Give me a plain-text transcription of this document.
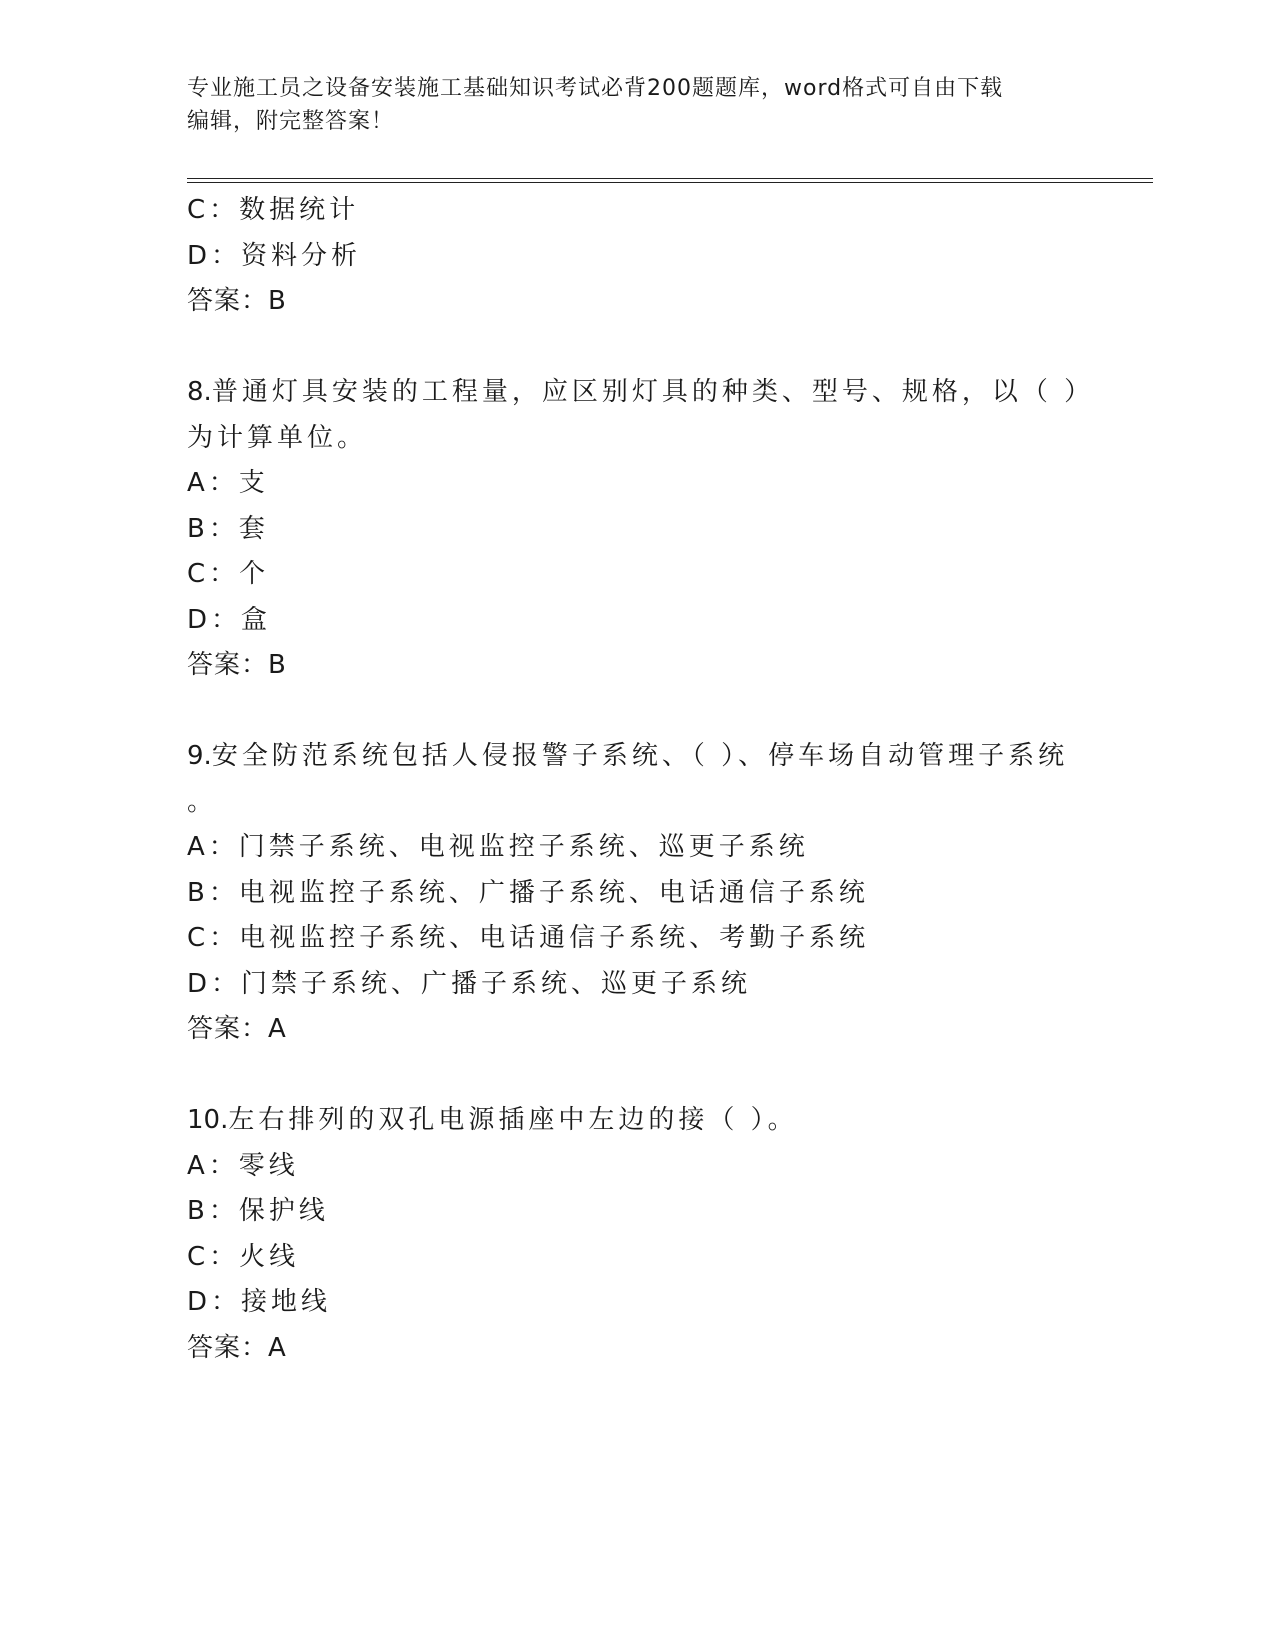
专业施工员之设备安装施工基础知识考试必背200题题库，word格式可自由下载
编辑，附完整答案！
C：数据统计
D：资料分析
答案：B
8.普通灯具安装的工程量，应区别灯具的种类、型号、规格，以（ ）
为计算单位。
A：支
B：套
C：个
D：盒
答案：B
9.安全防范系统包括人侵报警子系统、（ ）、停车场自动管理子系统
。
A：门禁子系统、电视监控子系统、巡更子系统
B：电视监控子系统、广播子系统、电话通信子系统
C：电视监控子系统、电话通信子系统、考勤子系统
D：门禁子系统、广播子系统、巡更子系统
答案：A
10.左右排列的双孔电源插座中左边的接（ ）。
A：零线
B：保护线
C：火线
D：接地线
答案：A
